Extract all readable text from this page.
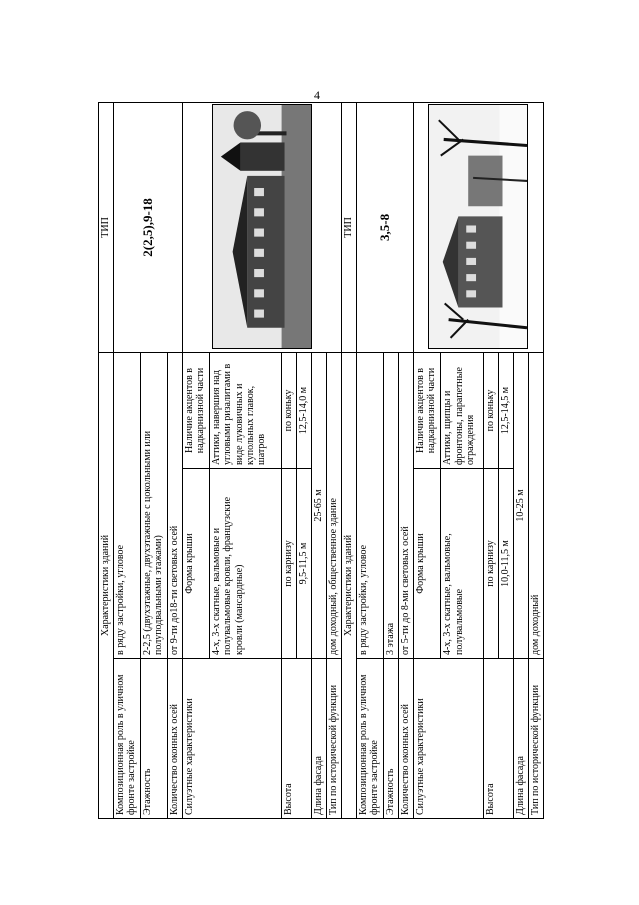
4
Характеристики зданий			ТИП
Композиционная роль в уличном фронте застройке	в ряду застройки, угловое		2(2,5),9-18
Этажность	2-2,5 (двухэтажные, двухэтажные с цокольными или полуподвальными этажами)		
Количество оконных осей	от 9-ти до18-ти световых осей		
Силуэтные характеристики	Форма крыши	Наличие акцентов в надкарнизной части	

	4-х, 3-х скатные, вальмовые и полувальмовые кровли, французские кровли (мансардные)	Аттики, навершия над угловыми ризалитами в виде луковичных и купольных главок, шатров	
Высота	по карнизу	по коньку	
	9,5-11,5 м	12,5-14,0 м	
Длина фасада	25-65 м		
Тип по исторической функции	дом доходный, общественное здание		
Характеристики зданий			ТИП
Композиционная роль в уличном фронте застройке	в ряду застройки, угловое		3,5-8
Этажность	3 этажа		
Количество оконных осей	от 5-ти до 8-ми световых осей		
Силуэтные характеристики	Форма крыши	Наличие акцентов в надкарнизной части	

	4-х, 3-х скатные, вальмовые, полувальмовые	Аттики, щипцы и фронтоны, парапетные ограждения	
Высота	по карнизу	по коньку	
	10,0-11,5 м	12,5-14,5 м	
Длина фасада	10-25 м		
Тип по исторической функции	дом доходный		
